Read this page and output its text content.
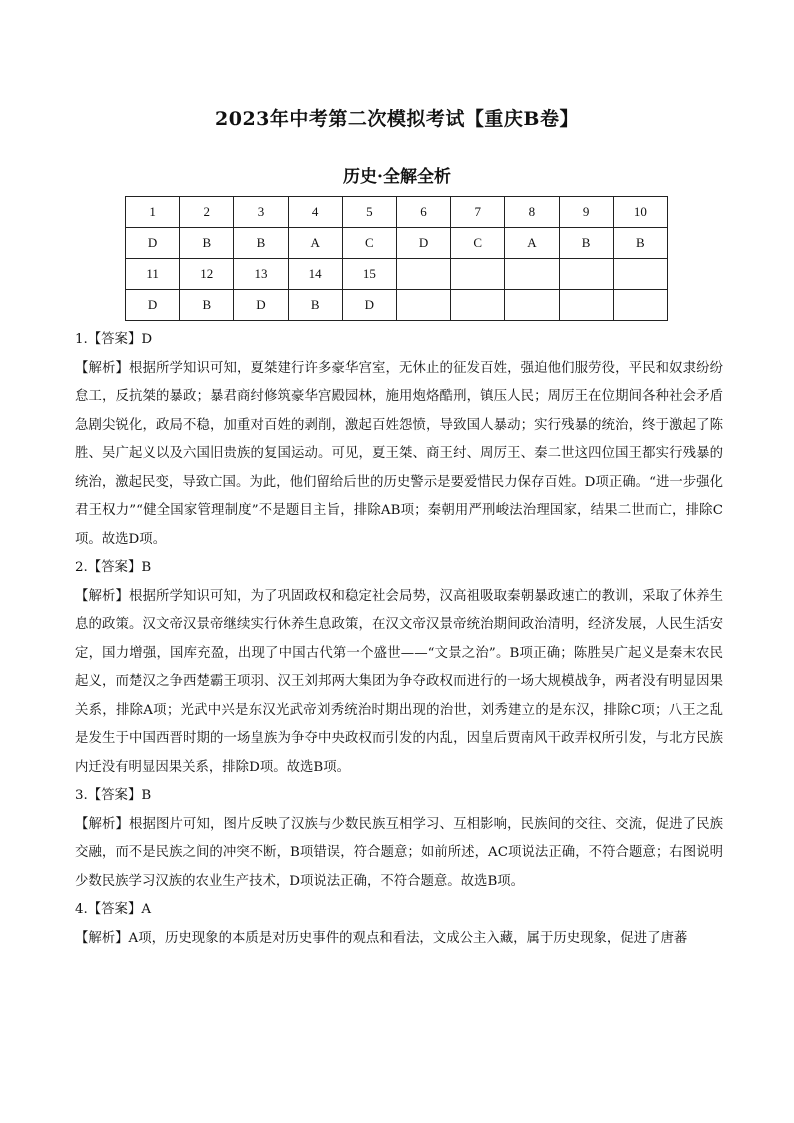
2023年中考第二次模拟考试【重庆B卷】
历史·全解全析
1	2	3	4	5	6	7	8	9	10
D	B	B	A	C	D	C	A	B	B
11	12	13	14	15					
D	B	D	B	D					

1.【答案】D

【解析】根据所学知识可知，夏桀建行许多豪华宫室，无休止的征发百姓，强迫他们服劳役，平民和奴隶纷纷怠工，反抗桀的暴政；暴君商纣修筑豪华宫殿园林，施用炮烙酷刑，镇压人民；周厉王在位期间各种社会矛盾急剧尖锐化，政局不稳，加重对百姓的剥削，激起百姓怨愤，导致国人暴动；实行残暴的统治，终于激起了陈胜、吴广起义以及六国旧贵族的复国运动。可见，夏王桀、商王纣、周厉王、秦二世这四位国王都实行残暴的统治，激起民变，导致亡国。为此，他们留给后世的历史警示是要爱惜民力保存百姓。D项正确。“进一步强化君王权力”“健全国家管理制度”不是题目主旨，排除AB项；秦朝用严刑峻法治理国家，结果二世而亡，排除C项。故选D项。

2.【答案】B

【解析】根据所学知识可知，为了巩固政权和稳定社会局势，汉高祖吸取秦朝暴政速亡的教训，采取了休养生息的政策。汉文帝汉景帝继续实行休养生息政策，在汉文帝汉景帝统治期间政治清明，经济发展，人民生活安定，国力增强，国库充盈，出现了中国古代第一个盛世——“文景之治”。B项正确；陈胜吴广起义是秦末农民起义，而楚汉之争西楚霸王项羽、汉王刘邦两大集团为争夺政权而进行的一场大规模战争，两者没有明显因果关系，排除A项；光武中兴是东汉光武帝刘秀统治时期出现的治世，刘秀建立的是东汉，排除C项；八王之乱是发生于中国西晋时期的一场皇族为争夺中央政权而引发的内乱，因皇后贾南风干政弄权所引发，与北方民族内迁没有明显因果关系，排除D项。故选B项。

3.【答案】B

【解析】根据图片可知，图片反映了汉族与少数民族互相学习、互相影响，民族间的交往、交流，促进了民族交融，而不是民族之间的冲突不断，B项错误，符合题意；如前所述，AC项说法正确，不符合题意；右图说明少数民族学习汉族的农业生产技术，D项说法正确，不符合题意。故选B项。

4.【答案】A

【解析】A项，历史现象的本质是对历史事件的观点和看法，文成公主入藏，属于历史现象，促进了唐蕃
